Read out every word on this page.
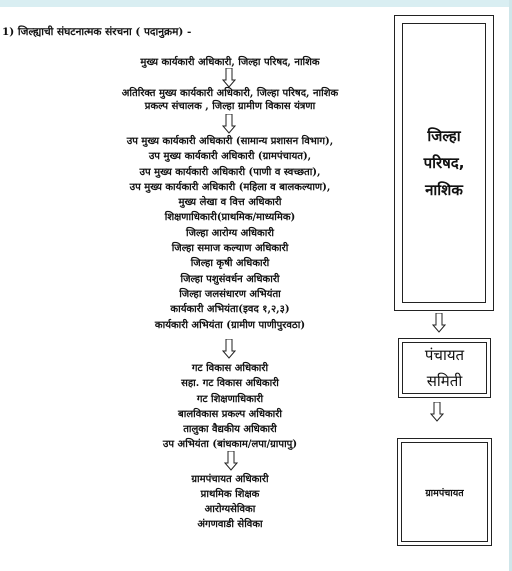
1) जिल्ह्याची संघटनात्मक संरचना ( पदानुक्रम) -
मुख्य कार्यकारी अधिकारी, जिल्हा परिषद, नाशिक
अतिरिक्त मुख्य कार्यकारी अधिकारी, जिल्हा परिषद, नाशिक
प्रकल्प संचालक , जिल्हा ग्रामीण विकास यंत्रणा
उप मुख्य कार्यकारी अधिकारी (सामान्य प्रशासन विभाग),
उप मुख्य कार्यकारी अधिकारी (ग्रामपंचायत),
उप मुख्य कार्यकारी अधिकारी (पाणी व स्वच्छता),
उप मुख्य कार्यकारी अधिकारी (महिला व बालकल्याण),
मुख्य लेखा व वित्त अधिकारी
शिक्षणाधिकारी(प्राथमिक/माध्यमिक)
जिल्हा आरोग्य अधिकारी
जिल्हा समाज कल्याण अधिकारी
जिल्हा कृषी अधिकारी
जिल्हा पशुसंवर्धन अधिकारी
जिल्हा जलसंधारण अभियंता
कार्यकारी अभियंता(इवद १,२,३)
कार्यकारी अभियंता (ग्रामीण पाणीपुरवठा)
गट विकास अधिकारी
सहा. गट विकास अधिकारी
गट शिक्षणाधिकारी
बालविकास प्रकल्प अधिकारी
तालुका वैद्यकीय अधिकारी
उप अभियंता (बांधकाम/लपा/ग्रापापु)
ग्रामपंचायत अधिकारी
प्राथमिक शिक्षक
आरोग्यसेविका
अंगणवाडी सेविका
जिल्हा
परिषद,
नाशिक
पंचायत
समिती
ग्रामपंचायत
